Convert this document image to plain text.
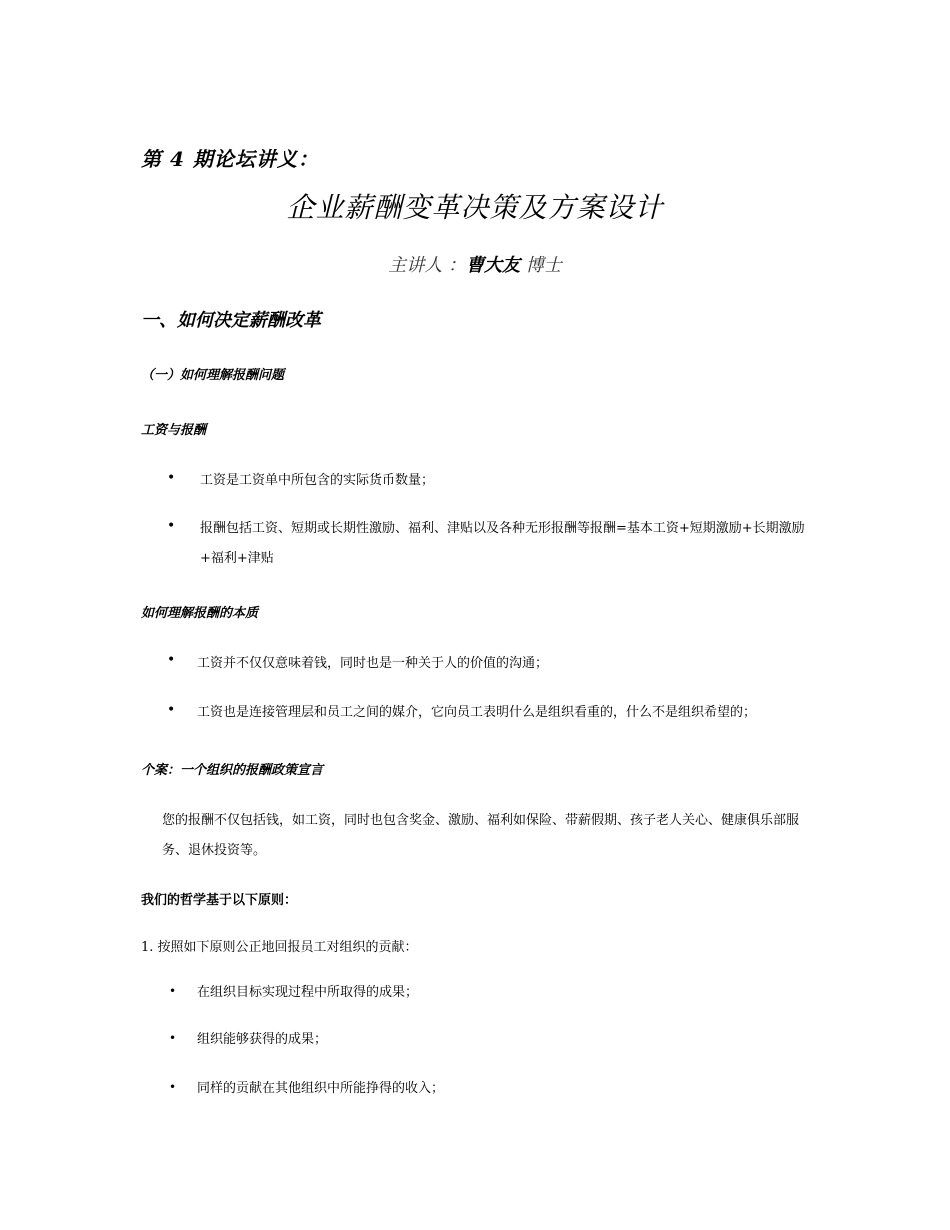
第 4 期论坛讲义：
企业薪酬变革决策及方案设计
主讲人 ：曹大友 博士
一、如何决定薪酬改革
（一）如何理解报酬问题
工资与报酬
• 工资是工资单中所包含的实际货币数量；
• 报酬包括工资、短期或长期性激励、福利、津贴以及各种无形报酬等报酬=基本工资+短期激励+长期激励+福利+津贴
如何理解报酬的本质
• 工资并不仅仅意味着钱，同时也是一种关于人的价值的沟通；
• 工资也是连接管理层和员工之间的媒介，它向员工表明什么是组织看重的，什么不是组织希望的；
个案：一个组织的报酬政策宣言
您的报酬不仅包括钱，如工资，同时也包含奖金、激励、福利如保险、带薪假期、孩子老人关心、健康俱乐部服务、退休投资等。
我们的哲学基于以下原则：
1. 按照如下原则公正地回报员工对组织的贡献：
• 在组织目标实现过程中所取得的成果；
• 组织能够获得的成果；
• 同样的贡献在其他组织中所能挣得的收入；
